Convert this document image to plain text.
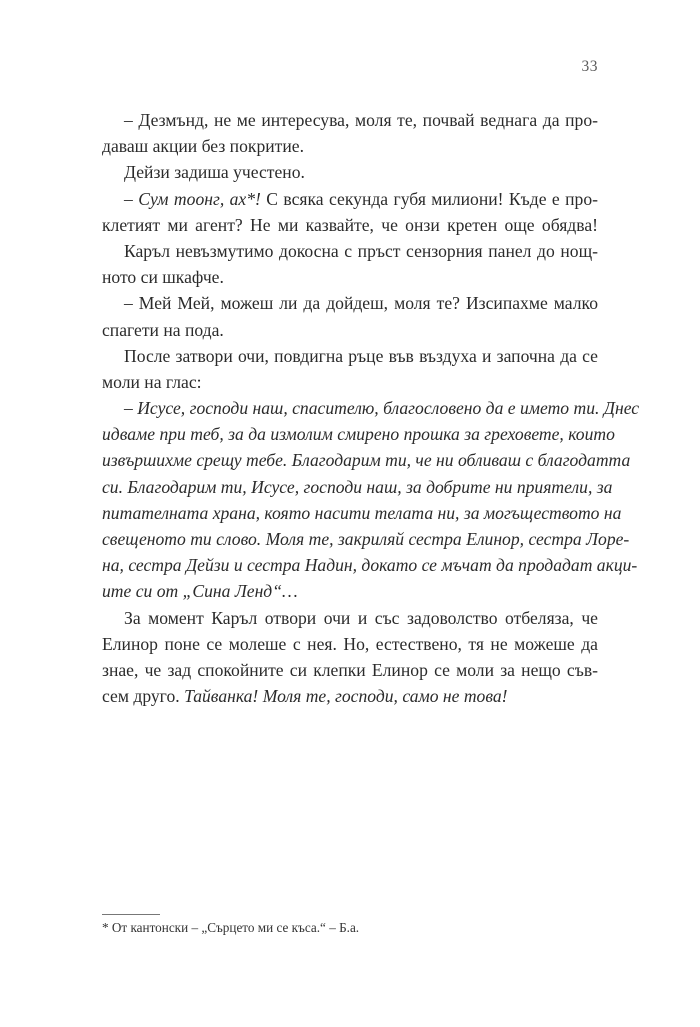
33
– Дезмънд, не ме интересува, моля те, почвай веднага да про-
даваш акции без покритие.
Дейзи задиша учестено.
– Сум тоонг, ах*! С всяка секунда губя милиони! Къде е про-
клетият ми агент? Не ми казвайте, че онзи кретен още обядва!
Каръл невъзмутимо докосна с пръст сензорния панел до нощ-
ното си шкафче.
– Мей Мей, можеш ли да дойдеш, моля те? Изсипахме малко
спагети на пода.
После затвори очи, повдигна ръце във въздуха и започна да се
моли на глас:
– Исусе, господи наш, спасителю, благословено да е името ти. Днес
идваме при теб, за да измолим смирено прошка за греховете, които
извършихме срещу тебе. Благодарим ти, че ни обливаш с благодатта
си. Благодарим ти, Исусе, господи наш, за добрите ни приятели, за
питателната храна, която насити телата ни, за могъществото на
свещеното ти слово. Моля те, закриляй сестра Елинор, сестра Лоре-
на, сестра Дейзи и сестра Надин, докато се мъчат да продадат акци-
ите си от „Сина Ленд“…
За момент Каръл отвори очи и със задоволство отбеляза, че
Елинор поне се молеше с нея. Но, естествено, тя не можеше да
знае, че зад спокойните си клепки Елинор се моли за нещо съв-
сем друго. Тайванка! Моля те, господи, само не това!
* От кантонски – „Сърцето ми се къса.“ – Б.а.
